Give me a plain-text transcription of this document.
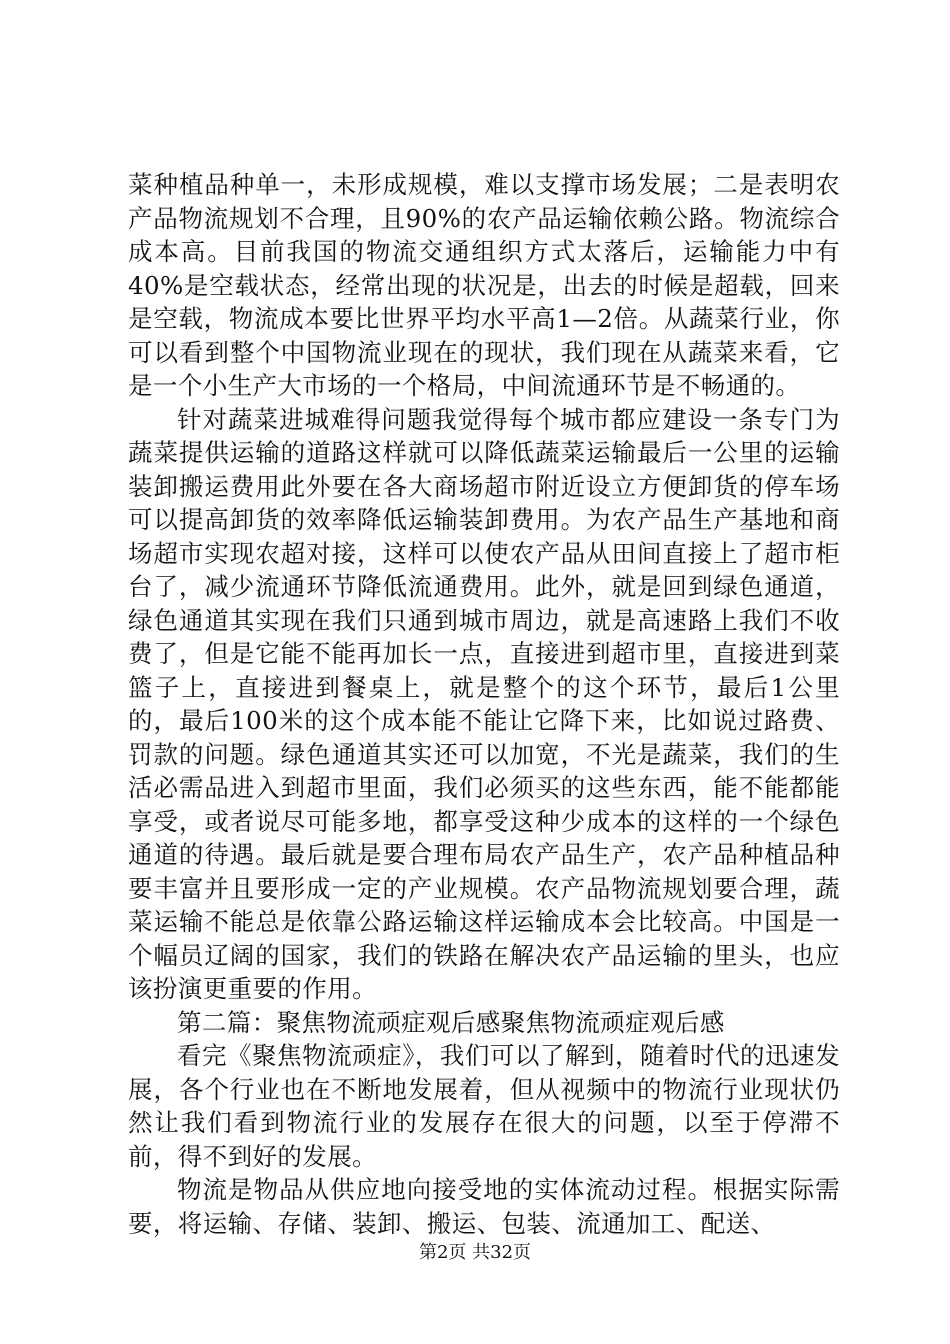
菜种植品种单一，未形成规模，难以支撑市场发展；二是表明农产品物流规划不合理，且90%的农产品运输依赖公路。物流综合成本高。目前我国的物流交通组织方式太落后，运输能力中有40%是空载状态，经常出现的状况是，出去的时候是超载，回来是空载，物流成本要比世界平均水平高1—2倍。从蔬菜行业，你可以看到整个中国物流业现在的现状，我们现在从蔬菜来看，它是一个小生产大市场的一个格局，中间流通环节是不畅通的。

针对蔬菜进城难得问题我觉得每个城市都应建设一条专门为蔬菜提供运输的道路这样就可以降低蔬菜运输最后一公里的运输装卸搬运费用此外要在各大商场超市附近设立方便卸货的停车场可以提高卸货的效率降低运输装卸费用。为农产品生产基地和商场超市实现农超对接，这样可以使农产品从田间直接上了超市柜台了，减少流通环节降低流通费用。此外，就是回到绿色通道，绿色通道其实现在我们只通到城市周边，就是高速路上我们不收费了，但是它能不能再加长一点，直接进到超市里，直接进到菜篮子上，直接进到餐桌上，就是整个的这个环节，最后1公里的，最后100米的这个成本能不能让它降下来，比如说过路费、罚款的问题。绿色通道其实还可以加宽，不光是蔬菜，我们的生活必需品进入到超市里面，我们必须买的这些东西，能不能都能享受，或者说尽可能多地，都享受这种少成本的这样的一个绿色通道的待遇。最后就是要合理布局农产品生产，农产品种植品种要丰富并且要形成一定的产业规模。农产品物流规划要合理，蔬菜运输不能总是依靠公路运输这样运输成本会比较高。中国是一个幅员辽阔的国家，我们的铁路在解决农产品运输的里头，也应该扮演更重要的作用。

第二篇：聚焦物流顽症观后感聚焦物流顽症观后感

看完《聚焦物流顽症》，我们可以了解到，随着时代的迅速发展，各个行业也在不断地发展着，但从视频中的物流行业现状仍然让我们看到物流行业的发展存在很大的问题，以至于停滞不前，得不到好的发展。

物流是物品从供应地向接受地的实体流动过程。根据实际需要，将运输、存储、装卸、搬运、包装、流通加工、配送、

第2页 共32页
